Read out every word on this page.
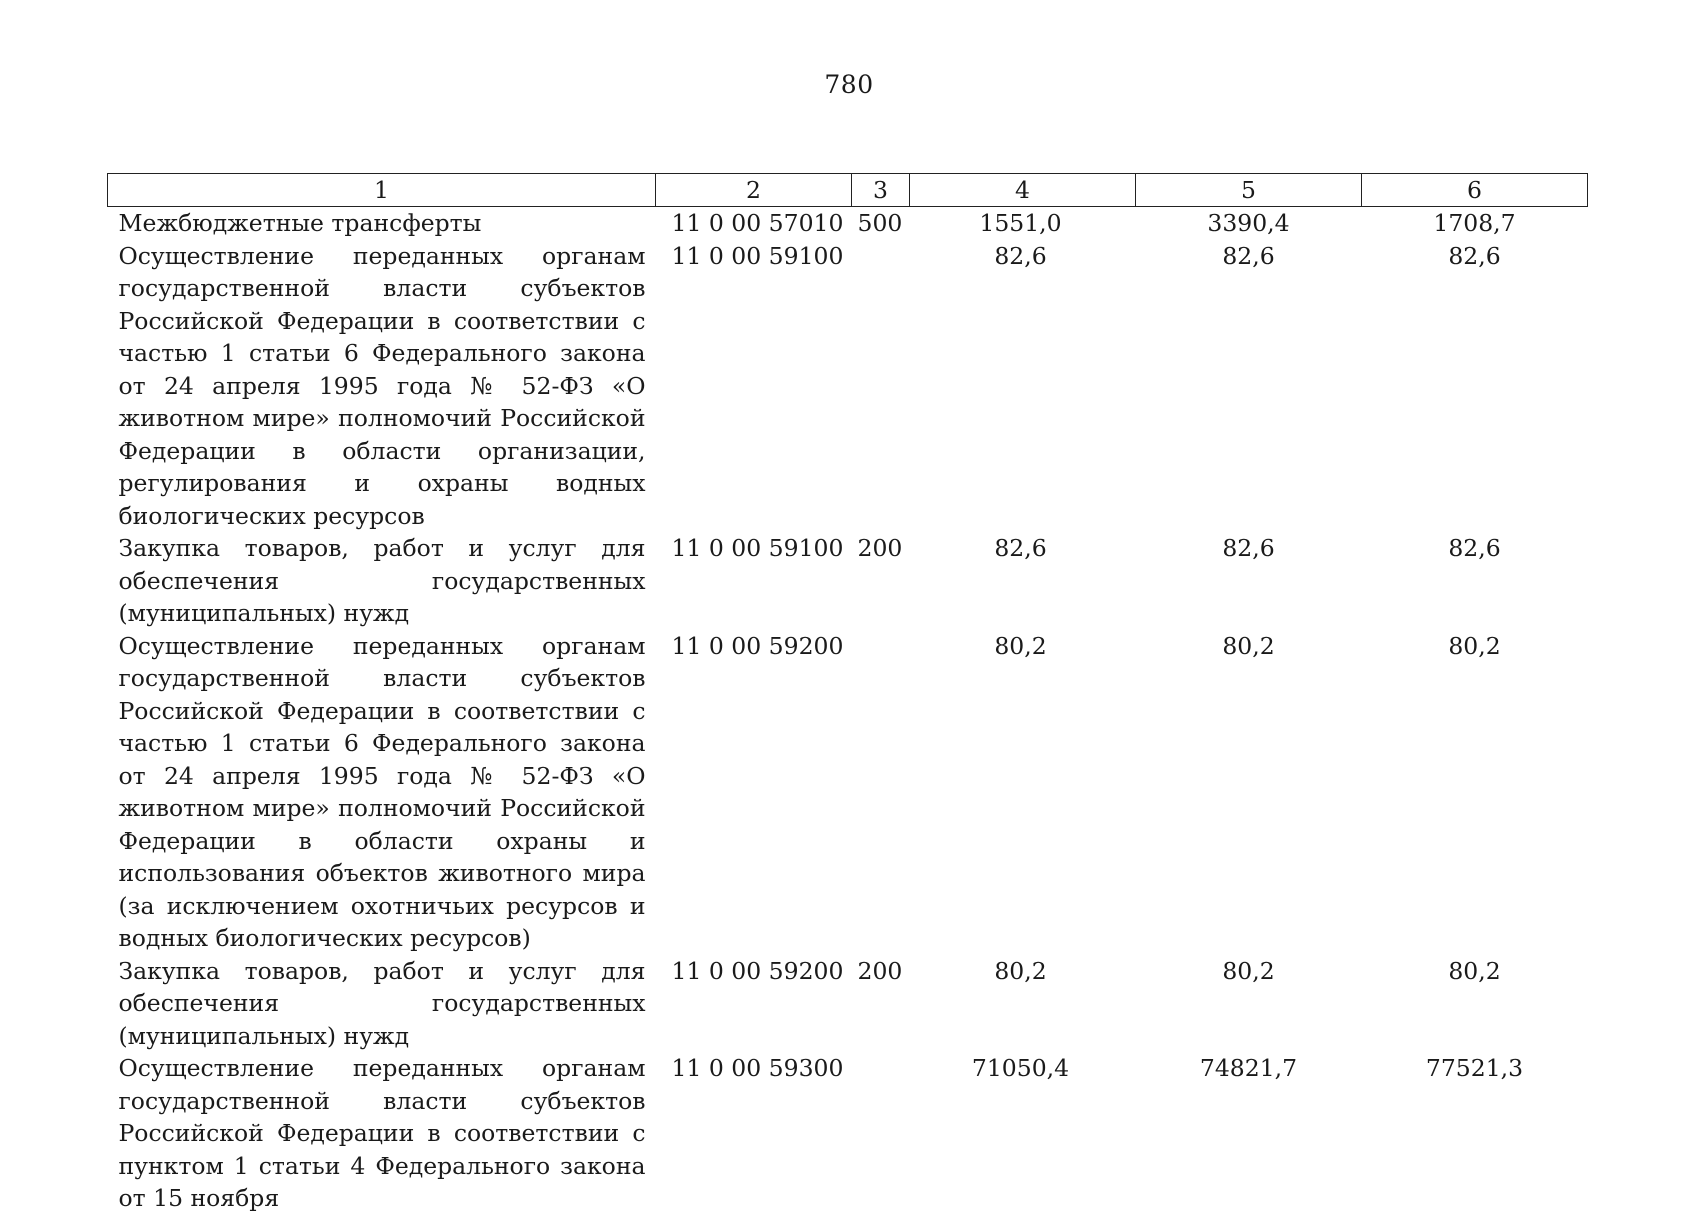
780
1	2	3	4	5	6
Межбюджетные трансферты	11 0 00 57010	500	1551,0	3390,4	1708,7
Осуществление переданных органам государственной власти субъектов Российской Федерации в соответствии с частью 1 статьи 6 Федерального закона от 24 апреля 1995 года № 52-ФЗ «О животном мире» полномочий Российской Федерации в области организации, регулирования и охраны водных биологических ресурсов	11 0 00 59100		82,6	82,6	82,6
Закупка товаров, работ и услуг для обеспечения государственных (муниципальных) нужд	11 0 00 59100	200	82,6	82,6	82,6
Осуществление переданных органам государственной власти субъектов Российской Федерации в соответствии с частью 1 статьи 6 Федерального закона от 24 апреля 1995 года № 52-ФЗ «О животном мире» полномочий Российской Федерации в области охраны и использования объектов животного мира (за исключением охотничьих ресурсов и водных биологических ресурсов)	11 0 00 59200		80,2	80,2	80,2
Закупка товаров, работ и услуг для обеспечения государственных (муниципальных) нужд	11 0 00 59200	200	80,2	80,2	80,2
Осуществление переданных органам государственной власти субъектов Российской Федерации в соответствии с пунктом 1 статьи 4 Федерального закона от 15 ноября	11 0 00 59300		71050,4	74821,7	77521,3
